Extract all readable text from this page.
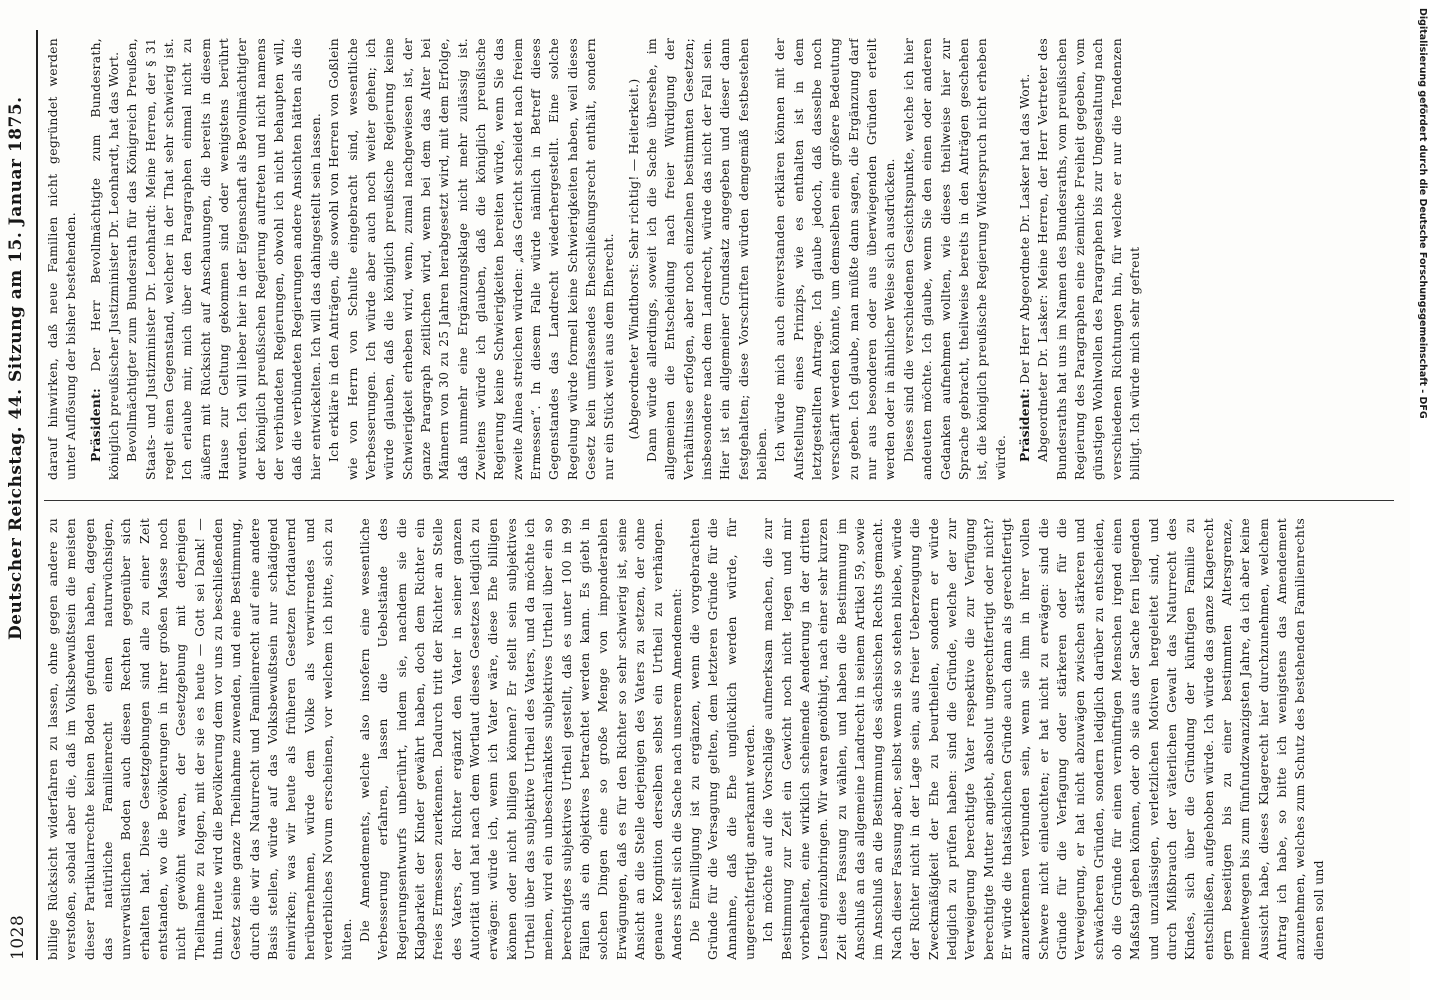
1028
Deutscher Reichstag. 44. Sitzung am 15. Januar 1875.

billige Rücksicht widerfahren zu lassen, ohne gegen andere zu verstoßen, sobald aber die, daß im Volksbewußtsein die meisten dieser Partikularrechte keinen Boden gefunden haben, dagegen das natürliche Familienrecht einen naturwüchsigen, unverwüstlichen Boden auch diesen Rechten gegenüber sich erhalten hat. Diese Gesetzgebungen sind alle zu einer Zeit entstanden, wo die Bevölkerungen in ihrer großen Masse noch nicht gewöhnt waren, der Gesetzgebung mit derjenigen Theilnahme zu folgen, mit der sie es heute — Gott sei Dank! — thun. Heute wird die Bevölkerung dem vor uns zu beschließenden Gesetz seine ganze Theilnahme zuwenden, und eine Bestimmung, durch die wir das Naturrecht und Familienrecht auf eine andere Basis stellen, würde auf das Volksbewußtsein nur schädigend einwirken; was wir heute als früheren Gesetzen fortdauernd herübernehmen, würde dem Volke als verwirrendes und verderbliches Novum erscheinen, vor welchem ich bitte, sich zu hüten. Die Amendements, welche also insofern eine wesentliche Verbesserung erfahren, lassen die Uebelstände des Regierungsentwurfs unberührt, indem sie, nachdem sie die Klagbarkeit der Kinder gewährt haben, doch dem Richter ein freies Ermessen zuerkennen. Dadurch tritt der Richter an Stelle des Vaters, der Richter ergänzt den Vater in seiner ganzen Autorität und hat nach dem Wortlaut dieses Gesetzes lediglich zu erwägen: würde ich, wenn ich Vater wäre, diese Ehe billigen können oder nicht billigen können? Er stellt sein subjektives Urtheil über das subjektive Urtheil des Vaters, und da möchte ich meinen, wird ein unbeschränktes subjektives Urtheil über ein so berechtigtes subjektives Urtheil gestellt, daß es unter 100 in 99 Fällen als ein objektives betrachtet werden kann. Es giebt in solchen Dingen eine so große Menge von imponderablen Erwägungen, daß es für den Richter so sehr schwierig ist, seine Ansicht an die Stelle derjenigen des Vaters zu setzen, der ohne genaue Kognition derselben selbst ein Urtheil zu verhängen. Anders stellt sich die Sache nach unserem Amendement: Die Einwilligung ist zu ergänzen, wenn die vorgebrachten Gründe für die Versagung gelten, dem letzteren Gründe für die Annahme, daß die Ehe unglücklich werden würde, für ungerechtfertigt anerkannt werden. Ich möchte auf die Vorschläge aufmerksam machen, die zur Bestimmung zur Zeit ein Gewicht noch nicht legen und mir vorbehalten, eine wirklich scheinende Aenderung in der dritten Lesung einzubringen. Wir waren genöthigt, nach einer sehr kurzen Zeit diese Fassung zu wählen, und haben die Bestimmung im Anschluß an das allgemeine Landrecht in seinem Artikel 59, sowie im Anschluß an die Bestimmung des sächsischen Rechts gemacht. Nach dieser Fassung aber, selbst wenn sie so stehen bliebe, würde der Richter nicht in der Lage sein, aus freier Ueberzeugung die Zweckmäßigkeit der Ehe zu beurtheilen, sondern er würde lediglich zu prüfen haben: sind die Gründe, welche der zur Verweigerung berechtigte Vater respektive die zur Verfügung berechtigte Mutter angiebt, absolut ungerechtfertigt oder nicht? Er würde die thatsächlichen Gründe auch dann als gerechtfertigt anzuerkennen verbunden sein, wenn sie ihm in ihrer vollen Schwere nicht einleuchten; er hat nicht zu erwägen: sind die Gründe für die Verfagung oder stärkeren oder für die Verweigerung, er hat nicht abzuwägen zwischen stärkeren und schwächeren Gründen, sondern lediglich darüber zu entscheiden, ob die Gründe für einen vernünftigen Menschen irgend einen Maßstab geben können, oder ob sie aus der Sache fern liegenden und unzulässigen, verletzlichen Motiven hergeleitet sind, und durch Mißbrauch der väterlichen Gewalt das Naturrecht des Kindes, sich über die Gründung der künftigen Familie zu entschließen, aufgehoben würde. Ich würde das ganze Klagerecht gern beseitigen bis zu einer bestimmten Altersgrenze, meinetwegen bis zum fünfundzwanzigsten Jahre, da ich aber keine Aussicht habe, dieses Klagerecht hier durchzunehmen, welchem Antrag ich habe, so bitte ich wenigstens das Amendement anzunehmen, welches zum Schutz des bestehenden Familienrechts dienen soll und

darauf hinwirken, daß neue Familien nicht gegründet werden unter Auflösung der bisher bestehenden. Präsident: Der Herr Bevollmächtigte zum Bundesrath, königlich preußischer Justizminister Dr. Leonhardt, hat das Wort. Bevollmächtigter zum Bundesrath für das Königreich Preußen, Staats- und Justizminister Dr. Leonhardt: Meine Herren, der § 31 regelt einen Gegenstand, welcher in der That sehr schwierig ist. Ich erlaube mir, mich über den Paragraphen einmal nicht zu äußern mit Rücksicht auf Anschauungen, die bereits in diesem Hause zur Geltung gekommen sind oder wenigstens berührt wurden. Ich will lieber hier in der Eigenschaft als Bevollmächtigter der königlich preußischen Regierung auftreten und nicht namens der verbündeten Regierungen, obwohl ich nicht behaupten will, daß die verbündeten Regierungen andere Ansichten hätten als die hier entwickelten. Ich will das dahingestellt sein lassen. Ich erkläre in den Anträgen, die sowohl von Herren von Goßlein wie von Herrn von Schulte eingebracht sind, wesentliche Verbesserungen. Ich würde aber auch noch weiter gehen; ich würde glauben, daß die königlich preußische Regierung keine Schwierigkeit erheben wird, wenn, zumal nachgewiesen ist, der ganze Paragraph zeitlichen wird, wenn bei dem das Alter bei Männern von 30 zu 25 Jahren herabgesetzt wird, mit dem Erfolge, daß nunmehr eine Ergänzungsklage nicht mehr zulässig ist. Zweitens würde ich glauben, daß die königlich preußische Regierung keine Schwierigkeiten bereiten würde, wenn Sie das zweite Alinea streichen würden: „das Gericht scheidet nach freiem Ermessen“. In diesem Falle würde nämlich in Betreff dieses Gegenstandes das Landrecht wiederhergestellt. Eine solche Regelung würde formell keine Schwierigkeiten haben, weil dieses Gesetz kein umfassendes Eheschließungsrecht enthält, sondern nur ein Stück weit aus dem Eherecht. (Abgeordneter Windthorst: Sehr richtig! — Heiterkeit.) Dann würde allerdings, soweit ich die Sache übersehe, im allgemeinen die Entscheidung nach freier Würdigung der Verhältnisse erfolgen, aber noch einzelnen bestimmten Gesetzen; insbesondere nach dem Landrecht, würde das nicht der Fall sein. Hier ist ein allgemeiner Grundsatz angegeben und dieser dann festgehalten; diese Vorschriften würden demgemäß festbestehen bleiben. Ich würde mich auch einverstanden erklären können mit der Aufstellung eines Prinzips, wie es enthalten ist in dem letztgestellten Antrage. Ich glaube jedoch, daß dasselbe noch verschärft werden könnte, um demselben eine größere Bedeutung zu geben. Ich glaube, man müßte dann sagen, die Ergänzung darf nur aus besonderen oder aus überwiegenden Gründen erteilt werden oder in ähnlicher Weise sich ausdrücken. Dieses sind die verschiedenen Gesichtspunkte, welche ich hier andeuten möchte. Ich glaube, wenn Sie den einen oder anderen Gedanken aufnehmen wollten, wie dieses theilweise hier zur Sprache gebracht, theilweise bereits in den Anträgen geschehen ist, die königlich preußische Regierung Widerspruch nicht erheben würde. Präsident: Der Herr Abgeordnete Dr. Lasker hat das Wort. Abgeordneter Dr. Lasker: Meine Herren, der Herr Vertreter des Bundesraths hat uns im Namen des Bundesraths, vom preußischen Regierung des Paragraphen eine ziemliche Freiheit gegeben, vom günstigen Wohlwollen des Paragraphen bis zur Umgestaltung nach verschiedenen Richtungen hin, für welche er nur die Tendenzen billigt. Ich würde mich sehr gefreut	Digitalisierung gefördert durch die Deutsche Forschungsgemeinschaft - DFG
